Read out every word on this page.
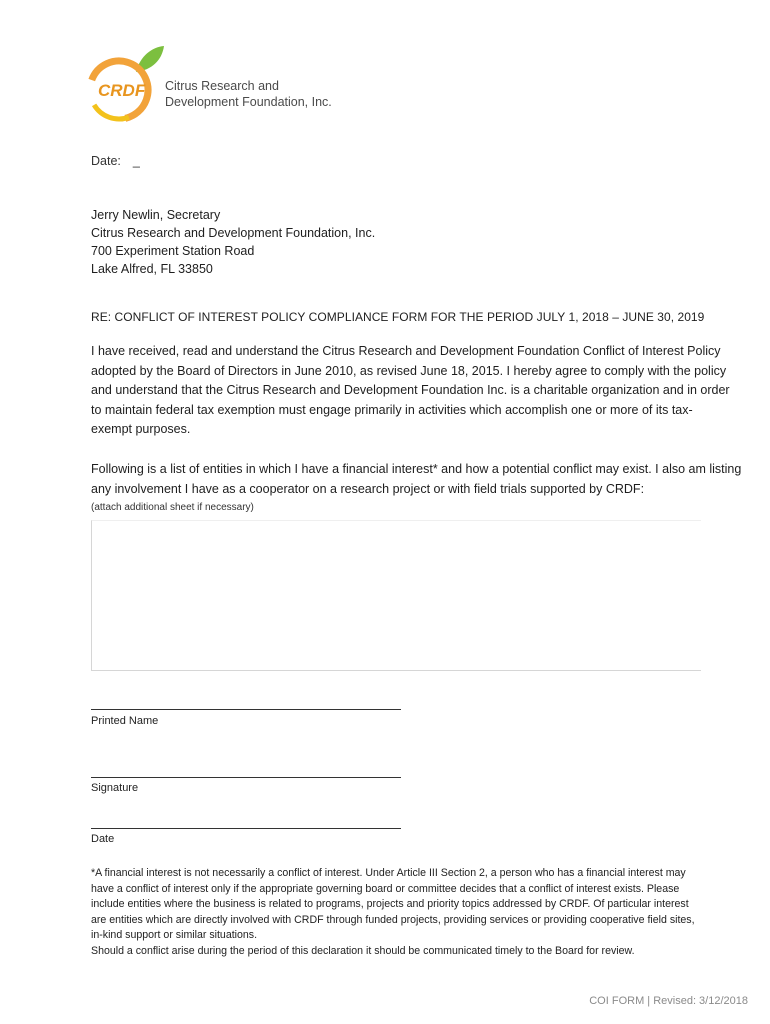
CRDF Citrus Research and
Development Foundation, Inc.
Date: _
Jerry Newlin, Secretary
Citrus Research and Development Foundation, Inc.
700 Experiment Station Road
Lake Alfred, FL 33850
RE: CONFLICT OF INTEREST POLICY COMPLIANCE FORM FOR THE PERIOD JULY 1, 2018 – JUNE 30, 2019
I have received, read and understand the Citrus Research and Development Foundation Conflict of Interest Policy adopted by the Board of Directors in June 2010, as revised June 18, 2015. I hereby agree to comply with the policy and understand that the Citrus Research and Development Foundation Inc. is a charitable organization and in order to maintain federal tax exemption must engage primarily in activities which accomplish one or more of its tax-exempt purposes.
Following is a list of entities in which I have a financial interest* and how a potential conflict may exist. I also am listing any involvement I have as a cooperator on a research project or with field trials supported by CRDF:
(attach additional sheet if necessary)
Printed Name
Signature
Date
*A financial interest is not necessarily a conflict of interest. Under Article III Section 2, a person who has a financial interest may have a conflict of interest only if the appropriate governing board or committee decides that a conflict of interest exists. Please include entities where the business is related to programs, projects and priority topics addressed by CRDF. Of particular interest are entities which are directly involved with CRDF through funded projects, providing services or providing cooperative field sites, in-kind support or similar situations.
Should a conflict arise during the period of this declaration it should be communicated timely to the Board for review.
COI FORM | Revised: 3/12/2018
